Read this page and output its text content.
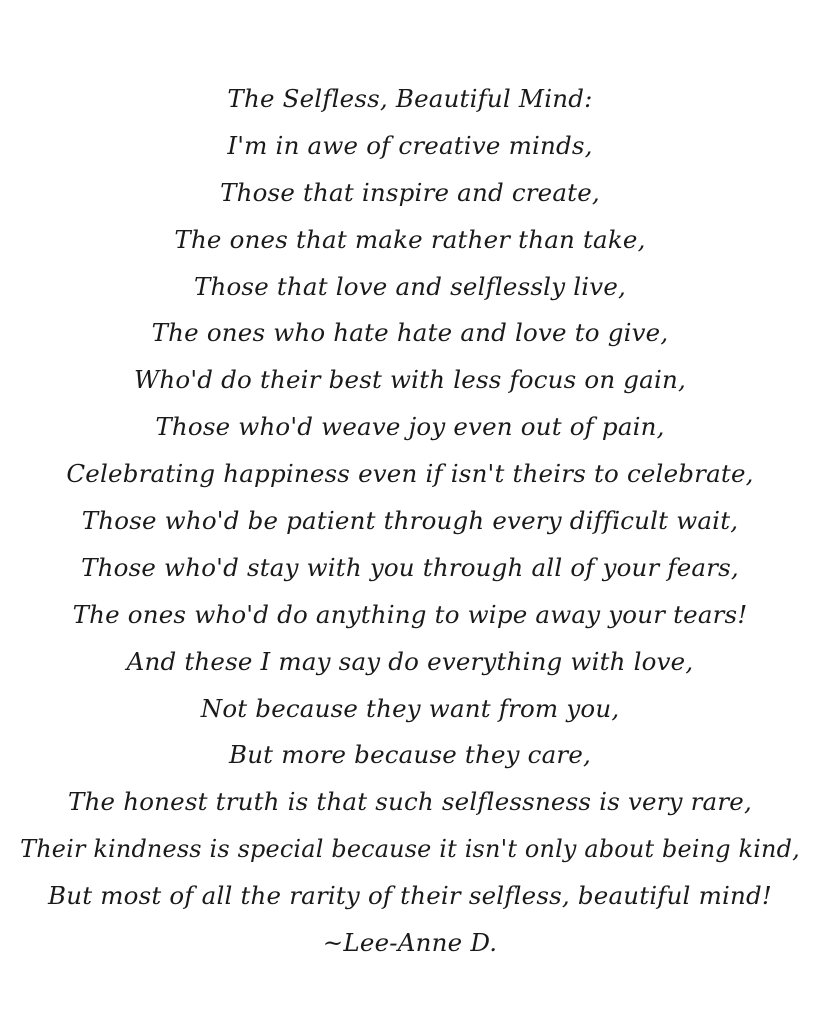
The Selfless, Beautiful Mind:
I'm in awe of creative minds,
Those that inspire and create,
The ones that make rather than take,
Those that love and selflessly live,
The ones who hate hate and love to give,
Who'd do their best with less focus on gain,
Those who'd weave joy even out of pain,
Celebrating happiness even if isn't theirs to celebrate,
Those who'd be patient through every difficult wait,
Those who'd stay with you through all of your fears,
The ones who'd do anything to wipe away your tears!
And these I may say do everything with love,
Not because they want from you,
But more because they care,
The honest truth is that such selflessness is very rare,
Their kindness is special because it isn't only about being kind,
But most of all the rarity of their selfless, beautiful mind!
~Lee-Anne D.
